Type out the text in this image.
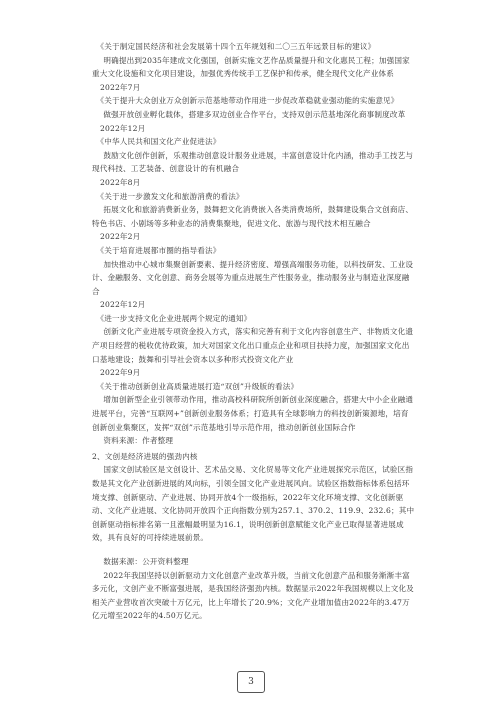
《关于制定国民经济和社会发展第十四个五年规划和二〇三五年远景目标的建议》

明确提出到2035年建成文化强国，创新实施文艺作品质量提升和文化惠民工程；加强国家重大文化设施和文化项目建设，加强优秀传统手工艺保护和传承，健全现代文化产业体系

2022年7月

《关于提升大众创业万众创新示范基地带动作用进一步促改革稳就业强动能的实施意见》

做强开放创业孵化载体，搭建多双边创业合作平台，支持双创示范基地深化商事制度改革

2022年12月

《中华人民共和国文化产业促进法》

鼓励文化创作创新，乐观推动创意设计服务业进展，丰富创意设计化内涵，推动手工技艺与现代科技、工艺装备、创意设计的有机融合

2022年8月

《关于进一步激发文化和旅游消费的看法》

拓展文化和旅游消费新业务，鼓舞把文化消费嵌入各类消费场所，鼓舞建设集合文创商店、特色书店、小剧场等多种业态的消费集聚地，促进文化、旅游与现代技术相互融合

2022年2月

《关于培育进展都市圈的指导看法》

加快推动中心城市集聚创新要素、提升经济密度、增强高端服务功能，以科技研发、工业设计、金融服务、文化创意、商务会展等为重点进展生产性服务业，推动服务业与制造业深度融合

2022年12月

《进一步支持文化企业进展两个规定的通知》

创新文化产业进展专项资金投入方式，落实和完善有利于文化内容创意生产、非物质文化遗产项目经营的税收优待政策，加大对国家文化出口重点企业和项目扶持力度，加强国家文化出口基地建设；鼓舞和引导社会资本以多种形式投资文化产业

2022年9月

《关于推动创新创业高质量进展打造“双创”升级版的看法》

增加创新型企业引领带动作用，推动高校科研院所创新创业深度融合，搭建大中小企业融通进展平台，完善“互联网+”创新创业服务体系；打造具有全球影响力的科技创新策源地，培育创新创业集聚区，发挥“双创”示范基地引导示范作用，推动创新创业国际合作

资料来源：作者整理

2、文创是经济进展的强劲内核

国家文创试验区是文创设计、艺术品交易、文化贸易等文化产业进展探究示范区，试验区指数是其文化产业创新进展的风向标，引领全国文化产业进展风向。试验区指数指标体系包括环境支撑、创新驱动、产业进展、协同开放4个一级指标，2022年文化环境支撑、文化创新驱动、文化产业进展、文化协同开放四个正向指数分别为257.1、370.2、119.9、232.6；其中创新驱动指标排名第一且涨幅最明显为16.1，说明创新创意赋能文化产业已取得显著进展成效，具有良好的可持续进展前景。

数据来源：公开资料整理

2022年我国坚持以创新驱动力文化创意产业改革升级，当前文化创意产品和服务渐渐丰富多元化，文创产业不断富强进展，是我国经济强劲内核。数据显示2022年我国规模以上文化及相关产业营收首次突破十万亿元，比上年增长了20.9%；文化产业增加值由2022年的3.47万亿元增至2022年的4.50万亿元。

3
